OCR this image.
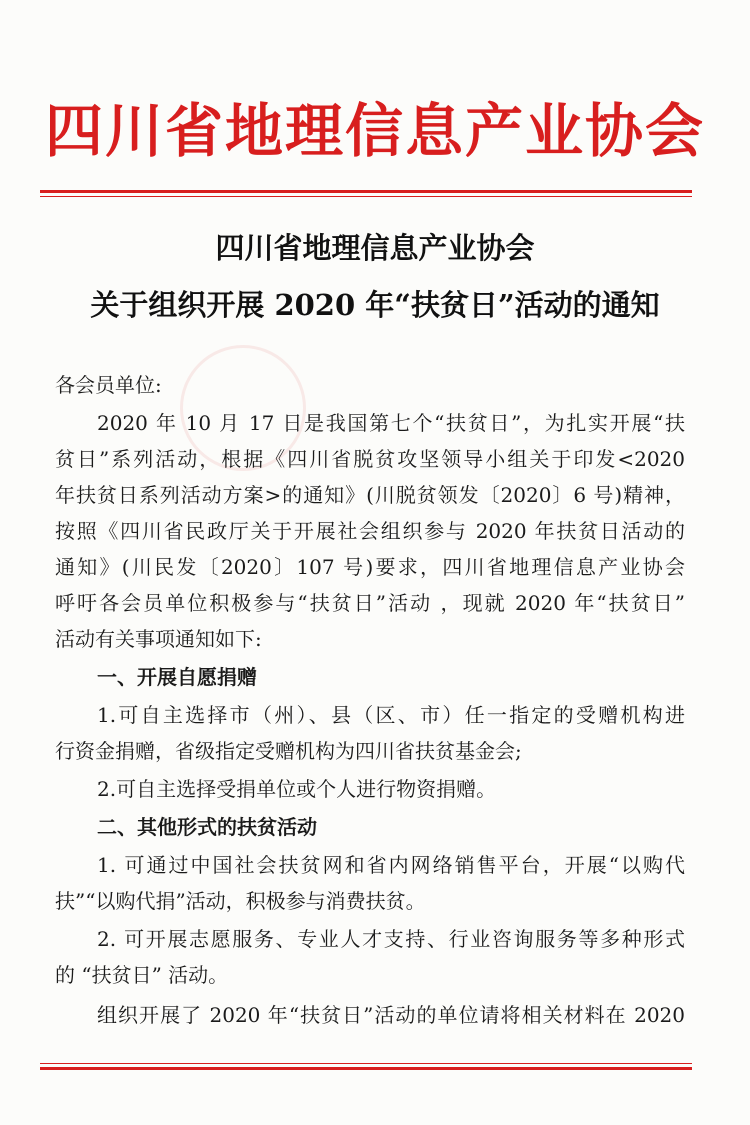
四川省地理信息产业协会
四川省地理信息产业协会
关于组织开展 2020 年“扶贫日”活动的通知
各会员单位:
2020 年 10 月 17 日是我国第七个“扶贫日”，为扎实开展“扶
贫日”系列活动，根据《四川省脱贫攻坚领导小组关于印发<2020
年扶贫日系列活动方案>的通知》(川脱贫领发〔2020〕6 号)精神，
按照《四川省民政厅关于开展社会组织参与 2020 年扶贫日活动的
通知》(川民发〔2020〕107 号)要求，四川省地理信息产业协会
呼吁各会员单位积极参与“扶贫日”活动 ，现就 2020 年“扶贫日”
活动有关事项通知如下:
一、开展自愿捐赠
1.可自主选择市（州）、县（区、市）任一指定的受赠机构进
行资金捐赠，省级指定受赠机构为四川省扶贫基金会;
2.可自主选择受捐单位或个人进行物资捐赠。
二、其他形式的扶贫活动
1. 可通过中国社会扶贫网和省内网络销售平台，开展“以购代
扶”“以购代捐”活动，积极参与消费扶贫。
2. 可开展志愿服务、专业人才支持、行业咨询服务等多种形式
的 “扶贫日” 活动。
组织开展了 2020 年“扶贫日”活动的单位请将相关材料在 2020
